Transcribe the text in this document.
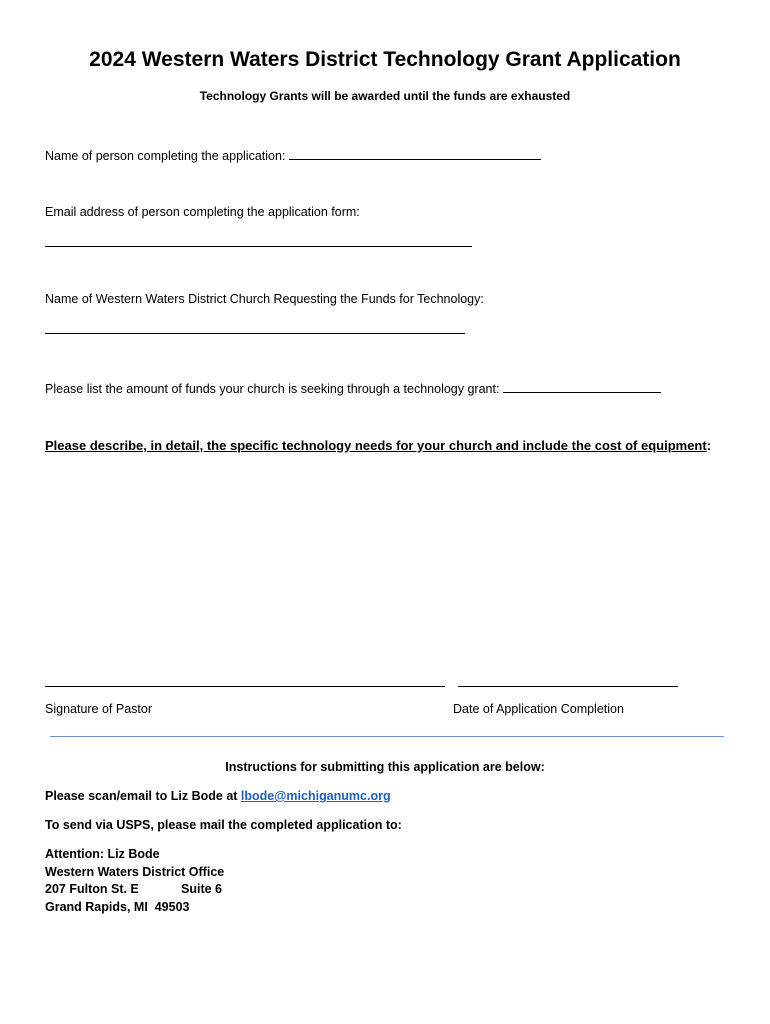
2024 Western Waters District Technology Grant Application
Technology Grants will be awarded until the funds are exhausted
Name of person completing the application:
Email address of person completing the application form:
Name of Western Waters District Church Requesting the Funds for Technology:
Please list the amount of funds your church is seeking through a technology grant:
Please describe, in detail, the specific technology needs for your church and include the cost of equipment:
Signature of Pastor	Date of Application Completion
Instructions for submitting this application are below:
Please scan/email to Liz Bode at lbode@michiganumc.org
To send via USPS, please mail the completed application to:
Attention: Liz Bode
Western Waters District Office
207 Fulton St. E	Suite 6
Grand Rapids, MI  49503
